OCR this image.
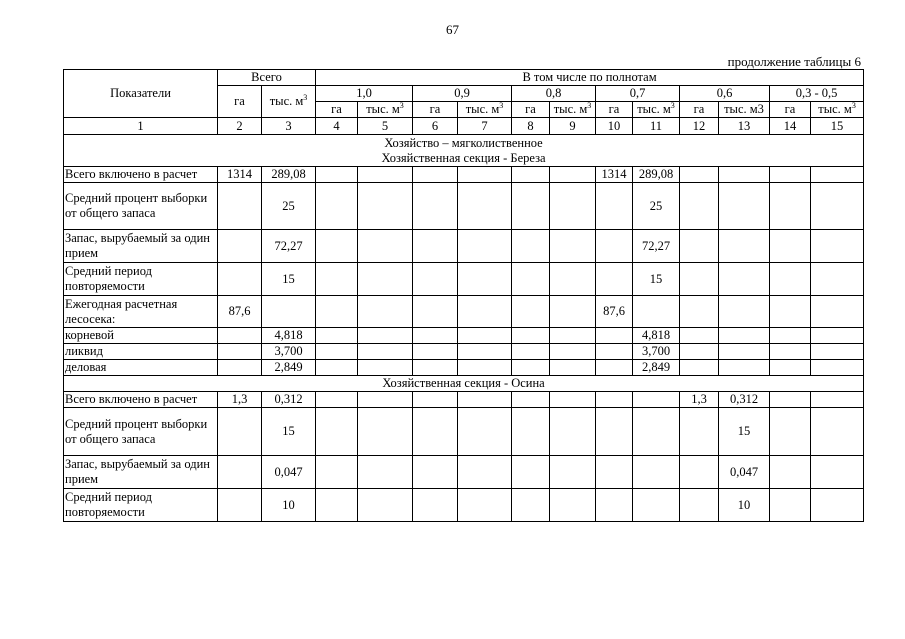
67
продолжение таблицы 6
Показатели	Всего		В том числе по полнотам											
	га	тыс. $м^3$	1,0		0,9		0,8		0,7		0,6		0,3 - 0,5	
			га	тыс. $м^3$	га	тыс. $м^3$	га	тыс. $м^3$	га	тыс. $м^3$	га	тыс. м3	га	тыс. $м^3$
1	2	3	4	5	6	7	8	9	10	11	12	13	14	15

Хозяйство – мягколиственное
Хозяйственная секция - Береза														

Всего включено в расчет	1314	289,08							1314	289,08				
Средний процент выборки от общего запаса		25								25				
Запас, вырубаемый за один прием		72,27								72,27				
Средний период повторяемости		15								15				
Ежегодная расчетная лесосека:	87,6								87,6					
корневой		4,818								4,818				
ликвид		3,700								3,700				
деловая		2,849								2,849				
Хозяйственная секция - Осина														
Всего включено в расчет	1,3	0,312									1,3	0,312		
Средний процент выборки от общего запаса		15										15		
Запас, вырубаемый за один прием		0,047										0,047		
Средний период повторяемости		10										10		
